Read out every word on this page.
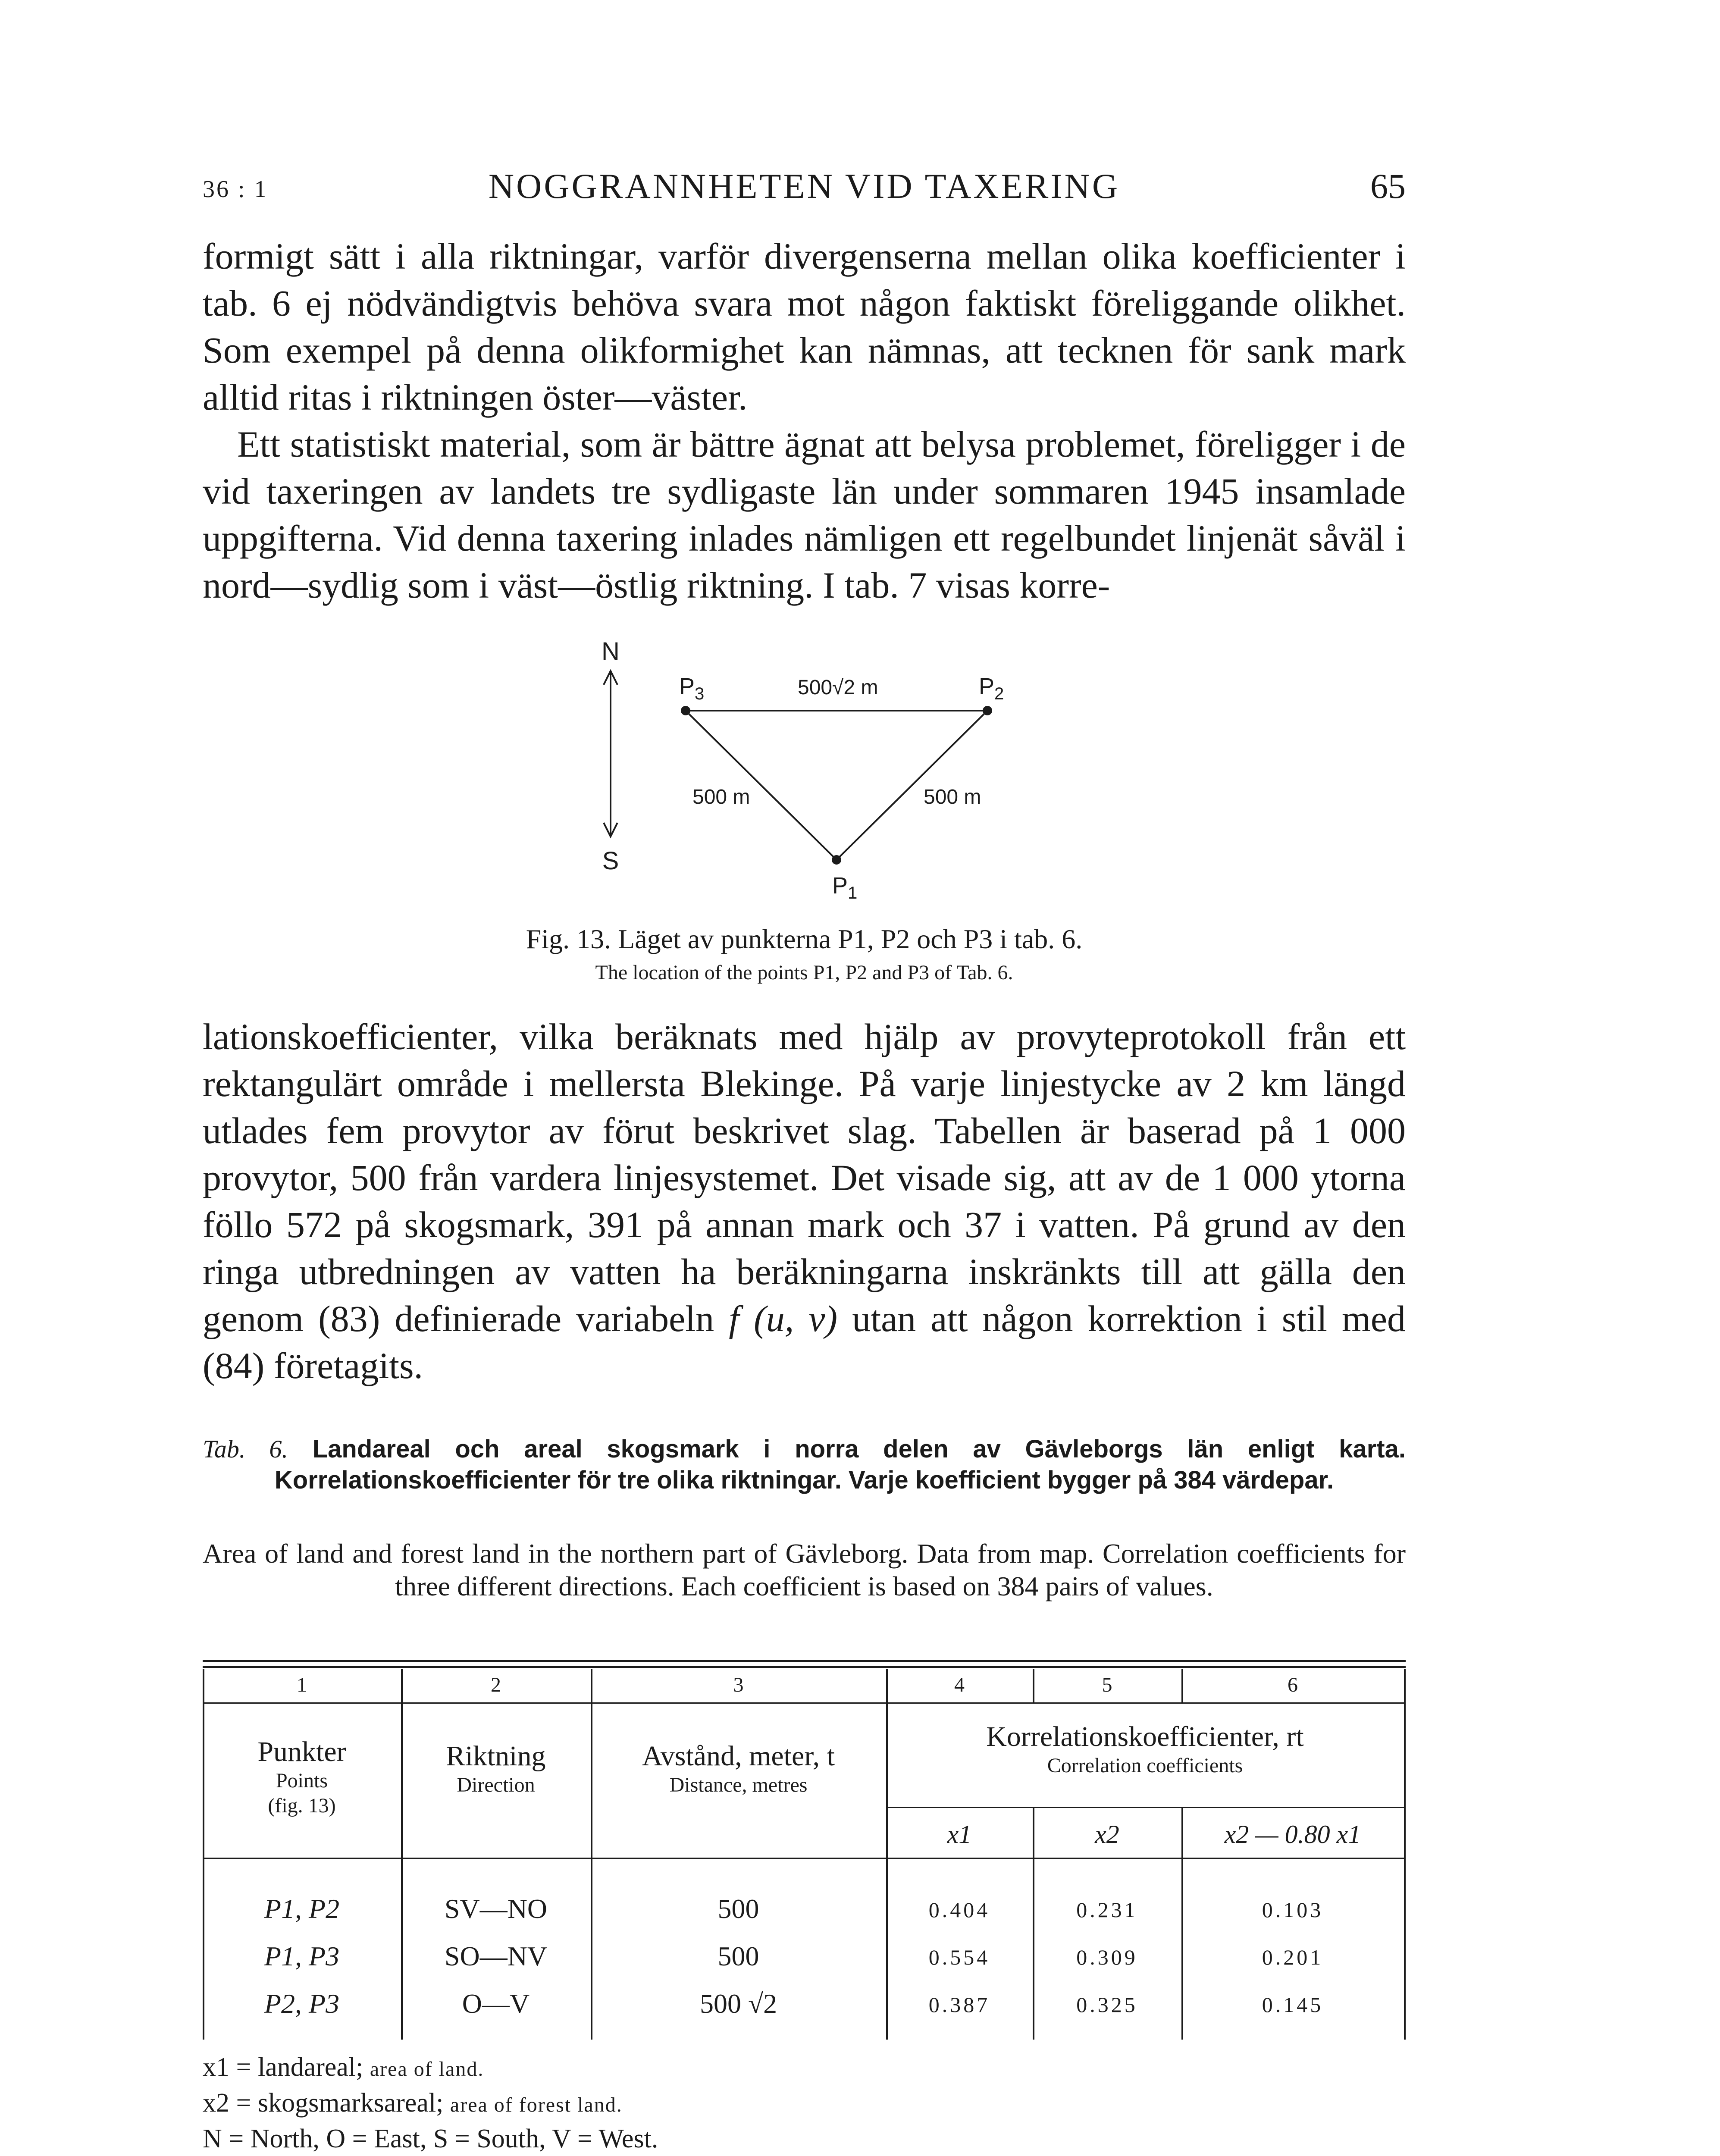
36 : 1	NOGGRANNHETEN VID TAXERING	65

formigt sätt i alla riktningar, varför divergenserna mellan olika koefficienter i tab. 6 ej nödvändigtvis behöva svara mot någon faktiskt föreliggande olikhet. Som exempel på denna olikformighet kan nämnas, att tecknen för sank mark alltid ritas i riktningen öster—väster.

Ett statistiskt material, som är bättre ägnat att belysa problemet, föreligger i de vid taxeringen av landets tre sydligaste län under sommaren 1945 insamlade uppgifterna. Vid denna taxering inlades nämligen ett regelbundet linjenät såväl i nord—sydlig som i väst—östlig riktning. I tab. 7 visas korre-

N
S
$P_3$	$P_2$
$P_1$
500√2 m
500 m	500 m
Fig. 13. Läget av punkterna P1, P2 och P3 i tab. 6.
The location of the points P1, P2 and P3 of Tab. 6.

lationskoefficienter, vilka beräknats med hjälp av provyteprotokoll från ett rektangulärt område i mellersta Blekinge. På varje linjestycke av 2 km längd utlades fem provytor av förut beskrivet slag. Tabellen är baserad på 1 000 provytor, 500 från vardera linjesystemet. Det visade sig, att av de 1 000 ytorna föllo 572 på skogsmark, 391 på annan mark och 37 i vatten. På grund av den ringa utbredningen av vatten ha beräkningarna inskränkts till att gälla den genom (83) definierade variabeln f (u, v) utan att någon korrektion i stil med (84) företagits.

Tab. 6. Landareal och areal skogsmark i norra delen av Gävleborgs län enligt karta. Korrelationskoefficienter för tre olika riktningar. Varje koefficient bygger på 384 värdepar.
Area of land and forest land in the northern part of Gävleborg. Data from map. Correlation coefficients for three different directions. Each coefficient is based on 384 pairs of values.
1	2	3	4	5	6
Punkter
Points
(fig. 13)
Riktning
Direction
Avstånd, meter, t
Distance, metres
Korrelationskoefficienter, rt
Correlation coefficients
x1	x2	x2 — 0.80 x1
P1, P2	SV—NO	500	0.404	0.231	0.103
P1, P3	SO—NV	500	0.554	0.309	0.201
P2, P3	O—V	500 √2	0.387	0.325	0.145
x1 = landareal; area of land.
x2 = skogsmarksareal; area of forest land.
N = North, O = East, S = South, V = West.
